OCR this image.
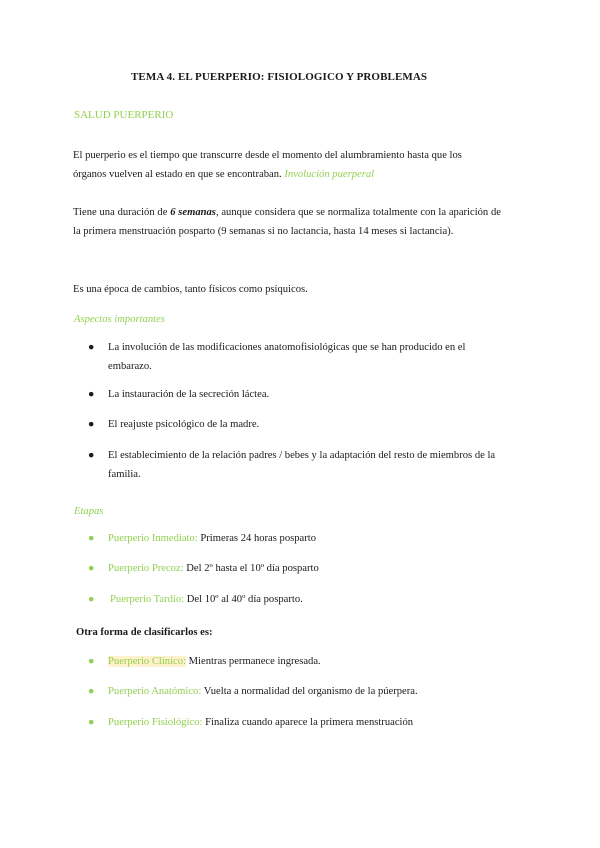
TEMA 4. EL PUERPERIO: FISIOLOGICO Y PROBLEMAS
SALUD PUERPERIO
El puerperio es el tiempo que transcurre desde el momento del alumbramiento hasta que los
órganos vuelven al estado en que se encontraban. Involución puerperal
Tiene una duración de 6 semanas, aunque considera que se normaliza totalmente con la aparición de la primera menstruación posparto (9 semanas si no lactancia, hasta 14 meses si lactancia).
Es una época de cambios, tanto físicos como psíquicos.
Aspectos importantes
●	La involución de las modificaciones anatomofisiológicas que se han producido en el
embarazo.
●	La instauración de la secreción láctea.
●	El reajuste psicológico de la madre.
●	El establecimiento de la relación padres / bebes y la adaptación del resto de miembros de la
familia.
Etapas
●	Puerperio Inmediato: Primeras 24 horas posparto
●	Puerperio Precoz: Del 2º hasta el 10º día posparto
●	Puerperio Tardío: Del 10º al 40º día posparto.
Otra forma de clasificarlos es:
●	Puerperio Clínico: Mientras permanece ingresada.
●	Puerperio Anatómico: Vuelta a normalidad del organismo de la púerpera.
●	Puerperio Fisiológico: Finaliza cuando aparece la primera menstruación
